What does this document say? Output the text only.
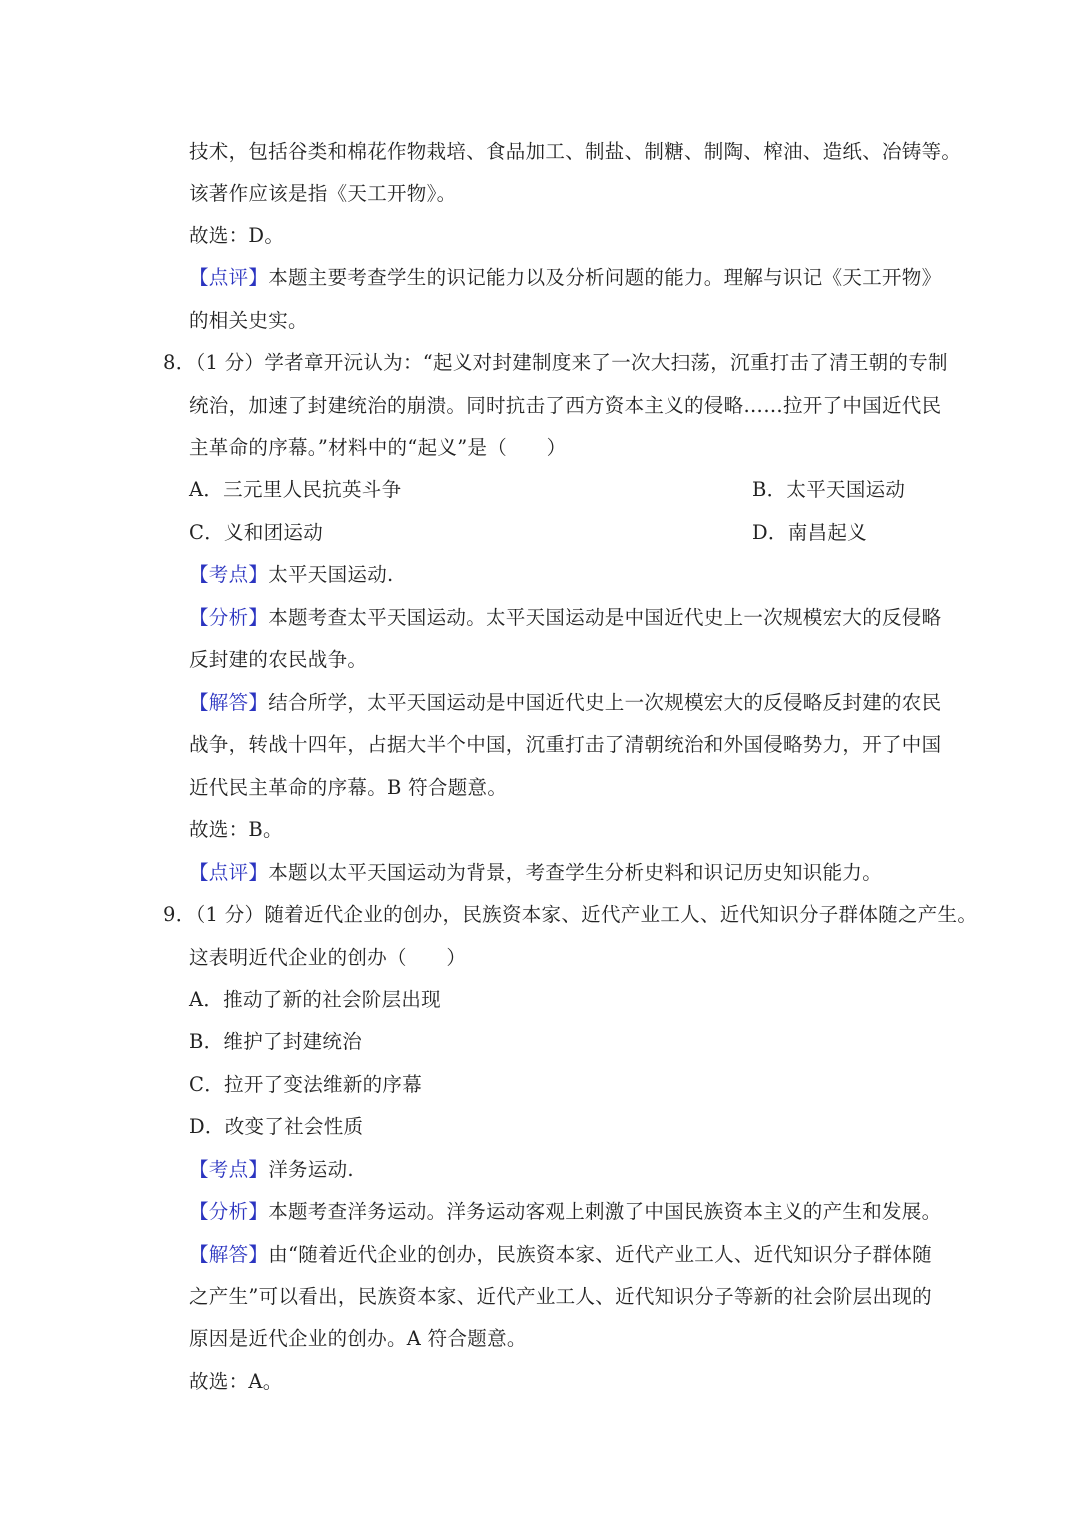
技术，包括谷类和棉花作物栽培、食品加工、制盐、制糖、制陶、榨油、造纸、冶铸等。
该著作应该是指《天工开物》。
故选：D。
【点评】本题主要考查学生的识记能力以及分析问题的能力。理解与识记《天工开物》
的相关史实。
8．（1 分）学者章开沅认为：“起义对封建制度来了一次大扫荡，沉重打击了清王朝的专制
统治，加速了封建统治的崩溃。同时抗击了西方资本主义的侵略……拉开了中国近代民
主革命的序幕。”材料中的“起义”是（　　）
A．三元里人民抗英斗争	B．太平天国运动
C．义和团运动	D．南昌起义
【考点】太平天国运动.
【分析】本题考查太平天国运动。太平天国运动是中国近代史上一次规模宏大的反侵略
反封建的农民战争。
【解答】结合所学，太平天国运动是中国近代史上一次规模宏大的反侵略反封建的农民
战争，转战十四年，占据大半个中国，沉重打击了清朝统治和外国侵略势力，开了中国
近代民主革命的序幕。B 符合题意。
故选：B。
【点评】本题以太平天国运动为背景，考查学生分析史料和识记历史知识能力。
9．（1 分）随着近代企业的创办，民族资本家、近代产业工人、近代知识分子群体随之产生。
这表明近代企业的创办（　　）
A．推动了新的社会阶层出现
B．维护了封建统治
C．拉开了变法维新的序幕
D．改变了社会性质
【考点】洋务运动.
【分析】本题考查洋务运动。洋务运动客观上刺激了中国民族资本主义的产生和发展。
【解答】由“随着近代企业的创办，民族资本家、近代产业工人、近代知识分子群体随
之产生”可以看出，民族资本家、近代产业工人、近代知识分子等新的社会阶层出现的
原因是近代企业的创办。A 符合题意。
故选：A。
